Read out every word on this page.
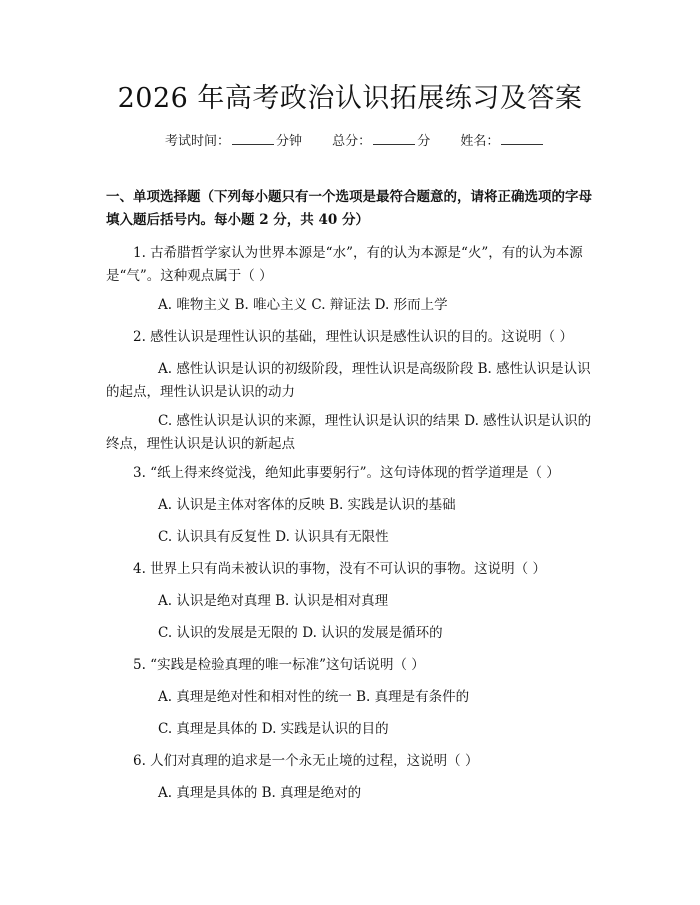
2026 年高考政治认识拓展练习及答案
考试时间：	分钟 总分：	分 姓名：
一、单项选择题（下列每小题只有一个选项是最符合题意的，请将正确选项的字母填入题后括号内。每小题 2 分，共 40 分）
1. 古希腊哲学家认为世界本源是“水”，有的认为本源是“火”，有的认为本源是“气”。这种观点属于（ ）
A. 唯物主义 B. 唯心主义 C. 辩证法 D. 形而上学
2. 感性认识是理性认识的基础，理性认识是感性认识的目的。这说明（ ）
A. 感性认识是认识的初级阶段，理性认识是高级阶段 B. 感性认识是认识的起点，理性认识是认识的动力
C. 感性认识是认识的来源，理性认识是认识的结果 D. 感性认识是认识的终点，理性认识是认识的新起点
3. “纸上得来终觉浅，绝知此事要躬行”。这句诗体现的哲学道理是（ ）
A. 认识是主体对客体的反映 B. 实践是认识的基础
C. 认识具有反复性 D. 认识具有无限性
4. 世界上只有尚未被认识的事物，没有不可认识的事物。这说明（ ）
A. 认识是绝对真理 B. 认识是相对真理
C. 认识的发展是无限的 D. 认识的发展是循环的
5. “实践是检验真理的唯一标准”这句话说明（ ）
A. 真理是绝对性和相对性的统一 B. 真理是有条件的
C. 真理是具体的 D. 实践是认识的目的
6. 人们对真理的追求是一个永无止境的过程，这说明（ ）
A. 真理是具体的 B. 真理是绝对的
